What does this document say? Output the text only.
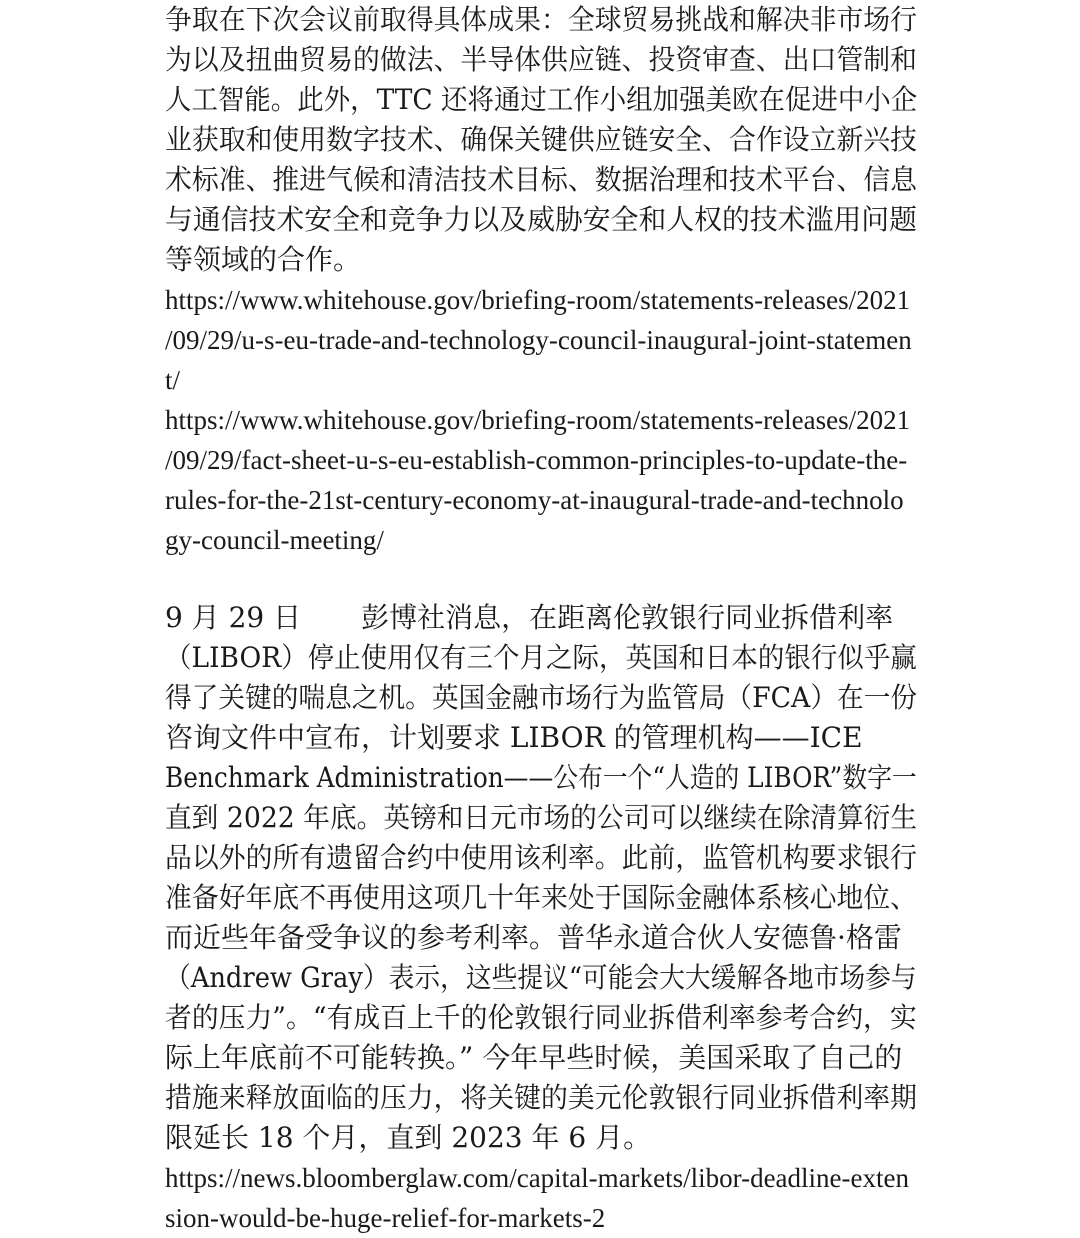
争取在下次会议前取得具体成果：全球贸易挑战和解决非市场行
为以及扭曲贸易的做法、半导体供应链、投资审查、出口管制和
人工智能。此外，TTC 还将通过工作小组加强美欧在促进中小企
业获取和使用数字技术、确保关键供应链安全、合作设立新兴技
术标准、推进气候和清洁技术目标、数据治理和技术平台、信息
与通信技术安全和竞争力以及威胁安全和人权的技术滥用问题
等领域的合作。
https://www.whitehouse.gov/briefing-room/statements-releases/2021
/09/29/u-s-eu-trade-and-technology-council-inaugural-joint-statemen
t/
https://www.whitehouse.gov/briefing-room/statements-releases/2021
/09/29/fact-sheet-u-s-eu-establish-common-principles-to-update-the-
rules-for-the-21st-century-economy-at-inaugural-trade-and-technolo
gy-council-meeting/
9 月 29 日 彭博社消息，在距离伦敦银行同业拆借利率
（LIBOR）停止使用仅有三个月之际，英国和日本的银行似乎赢
得了关键的喘息之机。英国金融市场行为监管局（FCA）在一份
咨询文件中宣布，计划要求 LIBOR 的管理机构——ICE
Benchmark Administration——公布一个“人造的 LIBOR”数字一
直到 2022 年底。英镑和日元市场的公司可以继续在除清算衍生
品以外的所有遗留合约中使用该利率。此前，监管机构要求银行
准备好年底不再使用这项几十年来处于国际金融体系核心地位、
而近些年备受争议的参考利率。普华永道合伙人安德鲁·格雷
（Andrew Gray）表示，这些提议“可能会大大缓解各地市场参与
者的压力”。“有成百上千的伦敦银行同业拆借利率参考合约，实
际上年底前不可能转换。” 今年早些时候，美国采取了自己的
措施来释放面临的压力，将关键的美元伦敦银行同业拆借利率期
限延长 18 个月，直到 2023 年 6 月。
https://news.bloomberglaw.com/capital-markets/libor-deadline-exten
sion-would-be-huge-relief-for-markets-2
